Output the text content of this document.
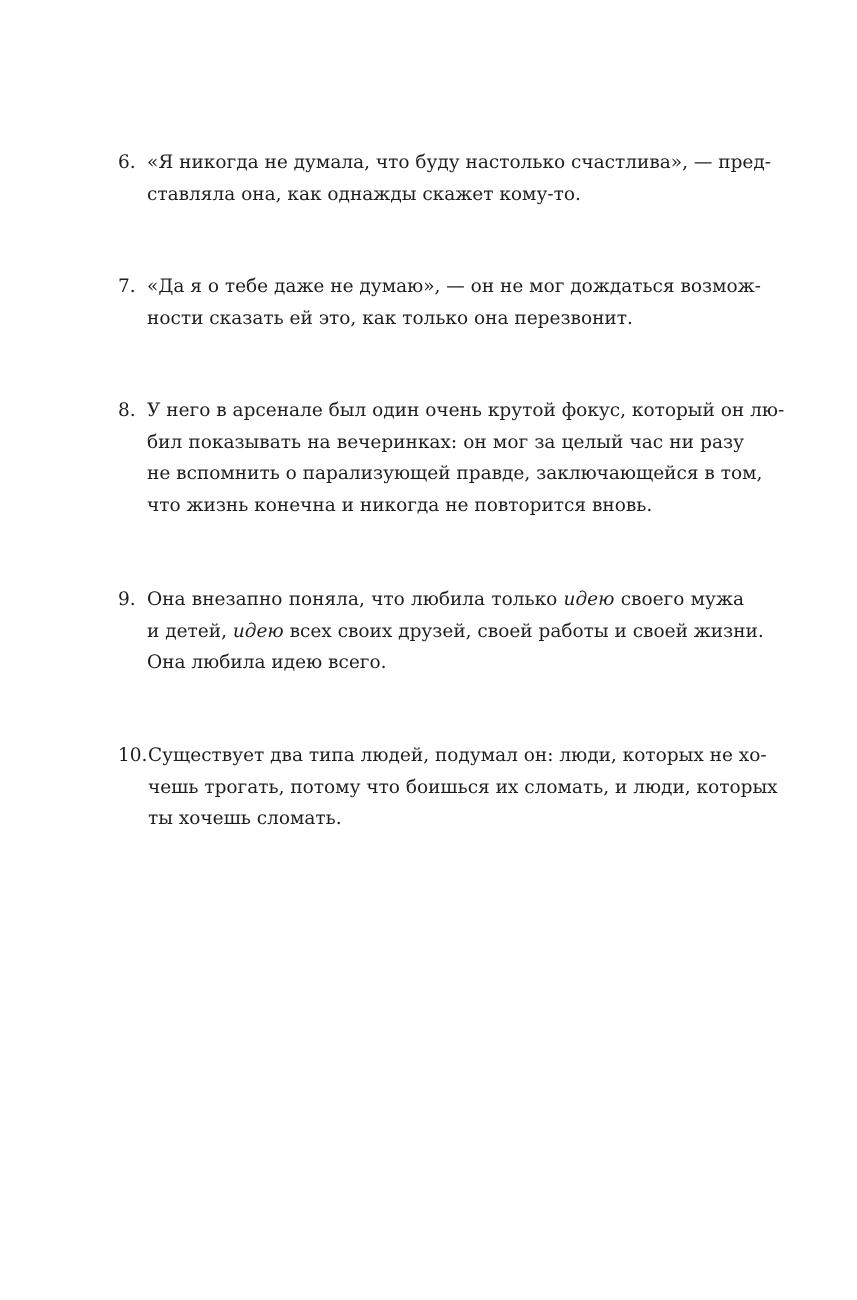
6. «Я никогда не думала, что буду настолько счастлива», — пред-
ставляла она, как однажды скажет кому-то.
7. «Да я о тебе даже не думаю», — он не мог дождаться возмож-
ности сказать ей это, как только она перезвонит.
8. У него в арсенале был один очень крутой фокус, который он лю-
бил показывать на вечеринках: он мог за целый час ни разу
не вспомнить о парализующей правде, заключающейся в том,
что жизнь конечна и никогда не повторится вновь.
9. Она внезапно поняла, что любила только идею своего мужа
и детей, идею всех своих друзей, своей работы и своей жизни.
Она любила идею всего.
10. Существует два типа людей, подумал он: люди, которых не хо-
чешь трогать, потому что боишься их сломать, и люди, которых
ты хочешь сломать.
